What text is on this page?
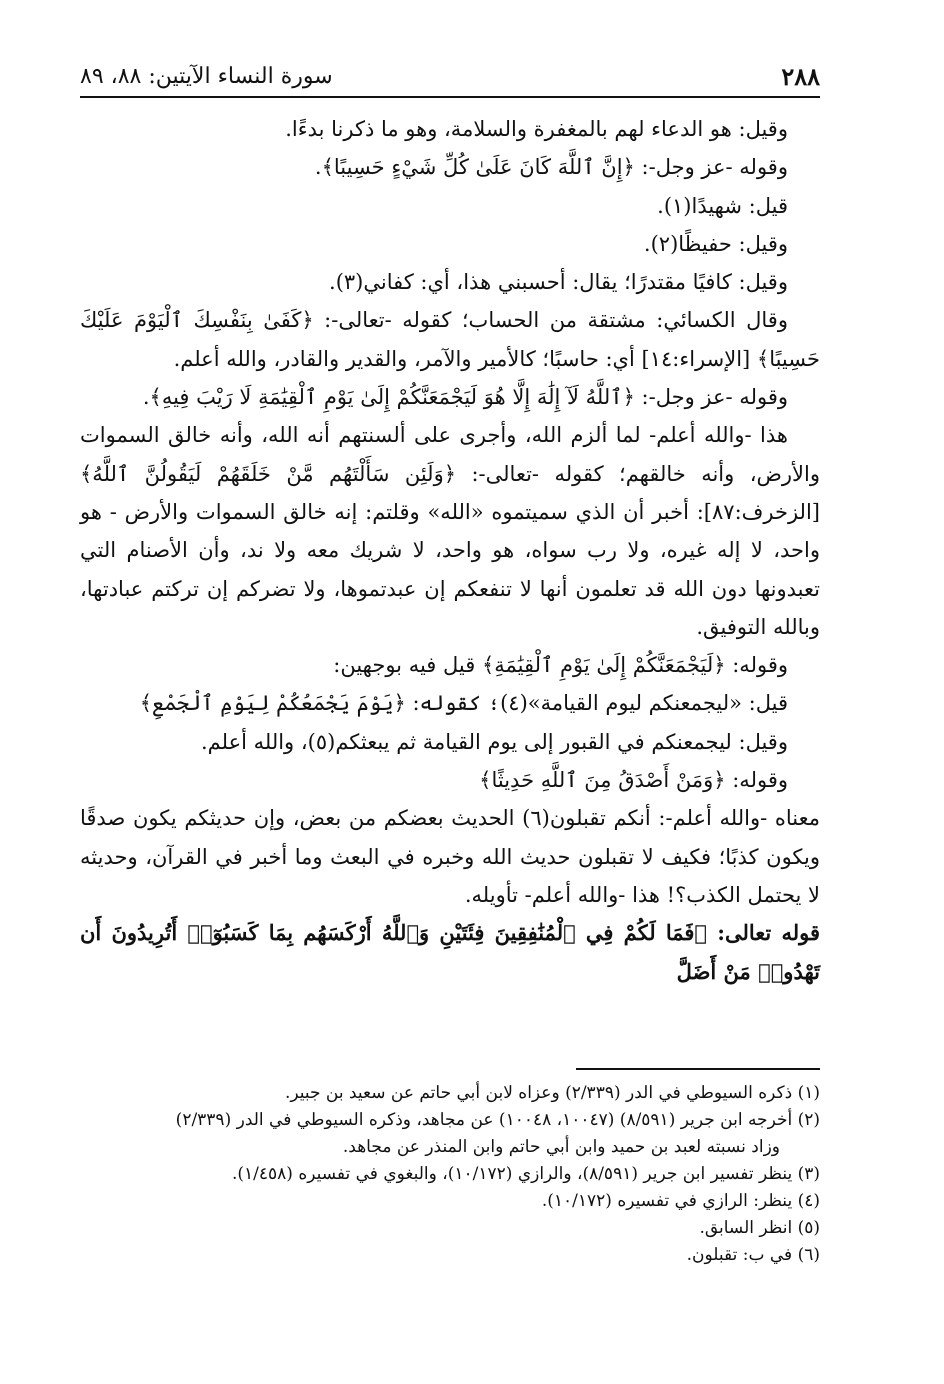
٢٨٨
سورة النساء الآيتين: ٨٨، ٨٩

وقيل: هو الدعاء لهم بالمغفرة والسلامة، وهو ما ذكرنا بدءًا.

وقوله -عز وجل-: ﴿إِنَّ ٱللَّهَ كَانَ عَلَىٰ كُلِّ شَيْءٍ حَسِيبًا﴾.

قيل: شهيدًا(١).

وقيل: حفيظًا(٢).

وقيل: كافيًا مقتدرًا؛ يقال: أحسبني هذا، أي: كفاني(٣).

وقال الكسائي: مشتقة من الحساب؛ كقوله -تعالى-: ﴿كَفَىٰ بِنَفْسِكَ ٱلْيَوْمَ عَلَيْكَ حَسِيبًا﴾ [الإسراء:١٤] أي: حاسبًا؛ كالأمير والآمر، والقدير والقادر، والله أعلم.

وقوله -عز وجل-: ﴿ٱللَّهُ لَآ إِلَٰهَ إِلَّا هُوَ لَيَجْمَعَنَّكُمْ إِلَىٰ يَوْمِ ٱلْقِيَٰمَةِ لَا رَيْبَ فِيهِ﴾.

هذا -والله أعلم- لما ألزم الله، وأجرى على ألسنتهم أنه الله، وأنه خالق السموات والأرض، وأنه خالقهم؛ كقوله -تعالى-: ﴿وَلَئِن سَأَلْتَهُم مَّنْ خَلَقَهُمْ لَيَقُولُنَّ ٱللَّهُ﴾ [الزخرف:٨٧]: أخبر أن الذي سميتموه «الله» وقلتم: إنه خالق السموات والأرض - هو واحد، لا إله غيره، ولا رب سواه، هو واحد، لا شريك معه ولا ند، وأن الأصنام التي تعبدونها دون الله قد تعلمون أنها لا تنفعكم إن عبدتموها، ولا تضركم إن تركتم عبادتها، وبالله التوفيق.

وقوله: ﴿لَيَجْمَعَنَّكُمْ إِلَىٰ يَوْمِ ٱلْقِيَٰمَةِ﴾ قيل فيه بوجهين:

قيل: «ليجمعنكم ليوم القيامة»(٤)؛ كقوله: ﴿يَوْمَ يَجْمَعُكُمْ لِيَوْمِ ٱلْجَمْعِ﴾

وقيل: ليجمعنكم في القبور إلى يوم القيامة ثم يبعثكم(٥)، والله أعلم.

وقوله: ﴿وَمَنْ أَصْدَقُ مِنَ ٱللَّهِ حَدِيثًا﴾

معناه -والله أعلم-: أنكم تقبلون(٦) الحديث بعضكم من بعض، وإن حديثكم يكون صدقًا ويكون كذبًا؛ فكيف لا تقبلون حديث الله وخبره في البعث وما أخبر في القرآن، وحديثه لا يحتمل الكذب؟! هذا -والله أعلم- تأويله.

قوله تعالى: ﴿فَمَا لَكُمْ فِي ٱلْمُنَٰفِقِينَ فِئَتَيْنِ وَٱللَّهُ أَرْكَسَهُم بِمَا كَسَبُوٓا۟ أَتُرِيدُونَ أَن تَهْدُوا۟ مَنْ أَضَلَّ

(١) ذكره السيوطي في الدر (٢/٣٣٩) وعزاه لابن أبي حاتم عن سعيد بن جبير.

(٢) أخرجه ابن جرير (٨/٥٩١) (١٠٠٤٧، ١٠٠٤٨) عن مجاهد، وذكره السيوطي في الدر (٢/٣٣٩)

وزاد نسبته لعبد بن حميد وابن أبي حاتم وابن المنذر عن مجاهد.

(٣) ينظر تفسير ابن جرير (٨/٥٩١)، والرازي (١٠/١٧٢)، والبغوي في تفسيره (١/٤٥٨).

(٤) ينظر: الرازي في تفسيره (١٠/١٧٢).

(٥) انظر السابق.

(٦) في ب: تقبلون.
